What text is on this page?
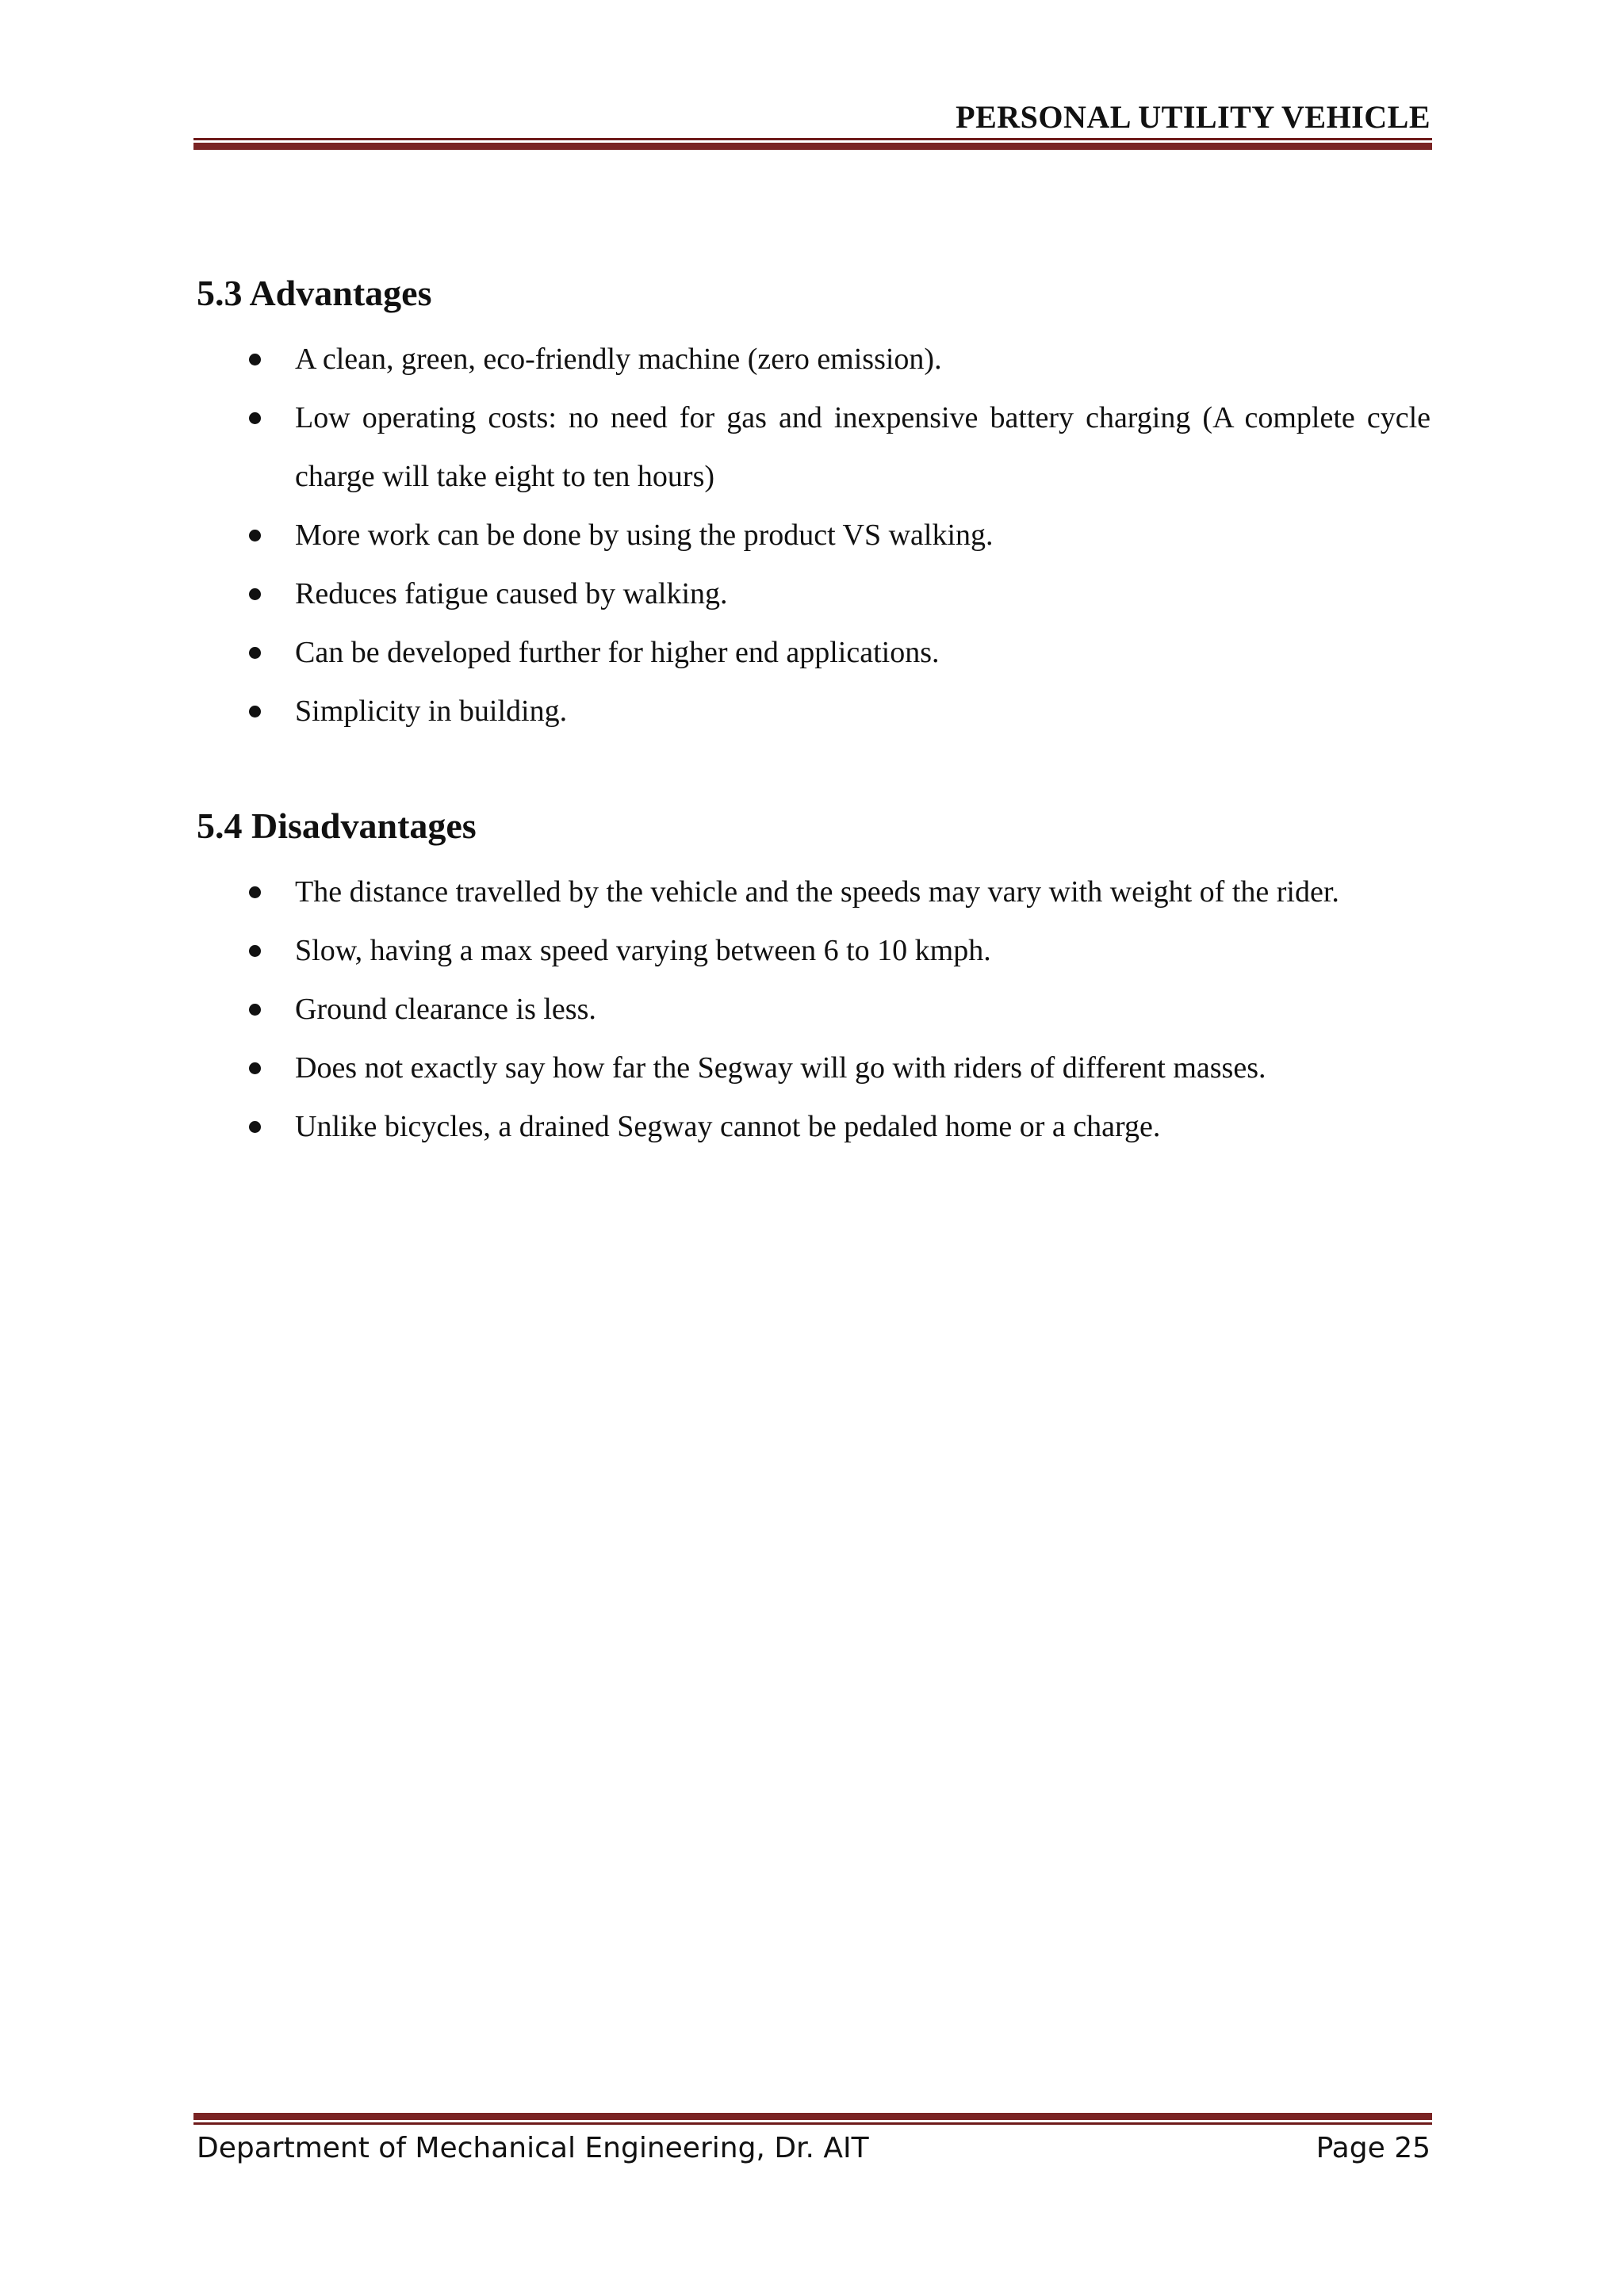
PERSONAL UTILITY VEHICLE
5.3 Advantages
A clean, green, eco-friendly machine (zero emission).
Low operating costs: no need for gas and inexpensive battery charging (A complete cycle charge will take eight to ten hours)
More work can be done by using the product VS walking.
Reduces fatigue caused by walking.
Can be developed further for higher end applications.
Simplicity in building.
5.4 Disadvantages
The distance travelled by the vehicle and the speeds may vary with weight of the rider.
Slow, having a max speed varying between 6 to 10 kmph.
Ground clearance is less.
Does not exactly say how far the Segway will go with riders of different masses.
Unlike bicycles, a drained Segway cannot be pedaled home or a charge.
Department of Mechanical Engineering, Dr. AIT	Page 25
